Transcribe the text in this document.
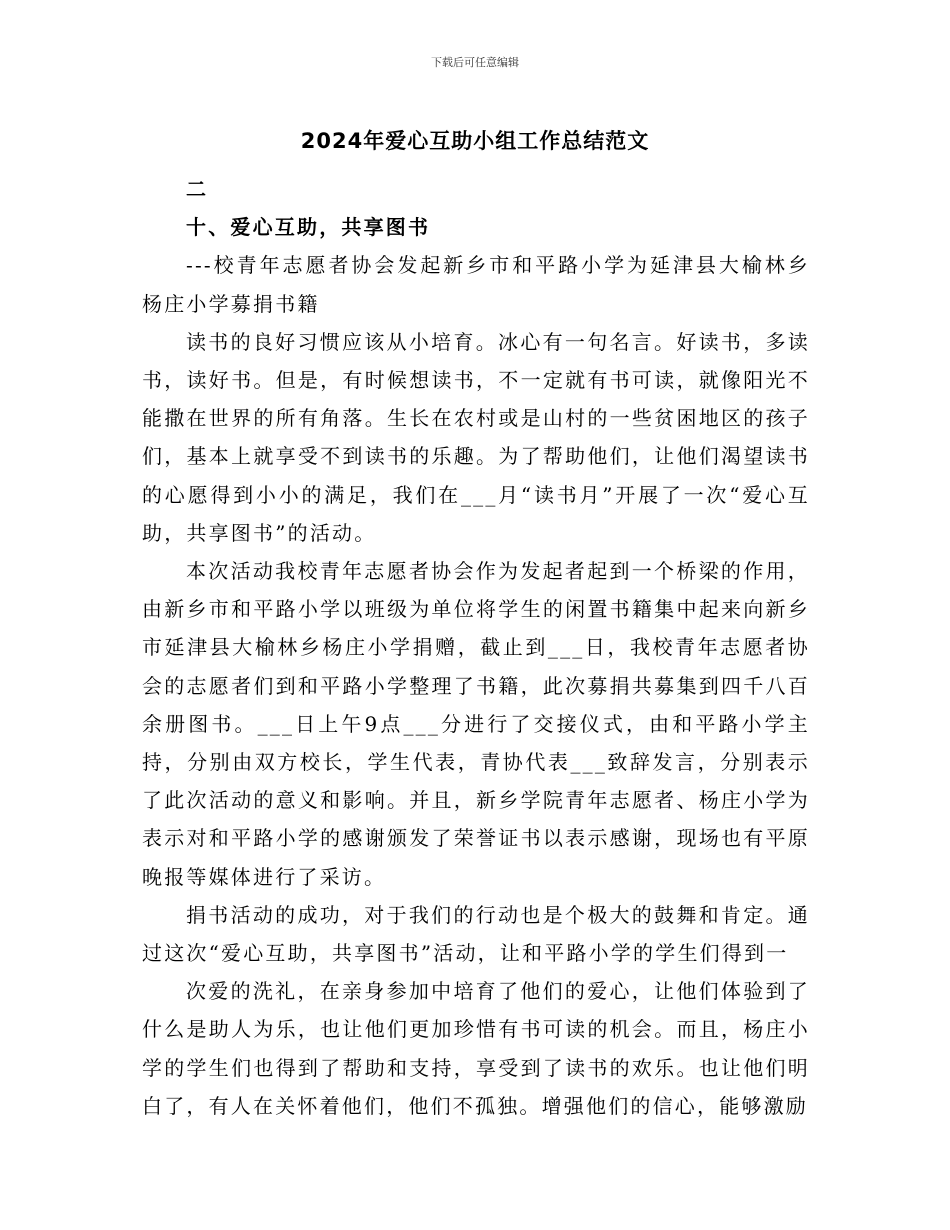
下载后可任意编辑
2024年爱心互助小组工作总结范文

二

十、爱心互助，共享图书

---校青年志愿者协会发起新乡市和平路小学为延津县大榆林乡杨庄小学募捐书籍

读书的良好习惯应该从小培育。冰心有一句名言。好读书，多读书，读好书。但是，有时候想读书，不一定就有书可读，就像阳光不能撒在世界的所有角落。生长在农村或是山村的一些贫困地区的孩子们，基本上就享受不到读书的乐趣。为了帮助他们，让他们渴望读书的心愿得到小小的满足，我们在___月“读书月”开展了一次“爱心互助，共享图书”的活动。

本次活动我校青年志愿者协会作为发起者起到一个桥梁的作用，由新乡市和平路小学以班级为单位将学生的闲置书籍集中起来向新乡市延津县大榆林乡杨庄小学捐赠，截止到___日，我校青年志愿者协会的志愿者们到和平路小学整理了书籍，此次募捐共募集到四千八百余册图书。___日上午9点___分进行了交接仪式，由和平路小学主持，分别由双方校长，学生代表，青协代表___致辞发言，分别表示了此次活动的意义和影响。并且，新乡学院青年志愿者、杨庄小学为表示对和平路小学的感谢颁发了荣誉证书以表示感谢，现场也有平原晚报等媒体进行了采访。

捐书活动的成功，对于我们的行动也是个极大的鼓舞和肯定。通过这次“爱心互助，共享图书”活动，让和平路小学的学生们得到一

次爱的洗礼，在亲身参加中培育了他们的爱心，让他们体验到了什么是助人为乐，也让他们更加珍惜有书可读的机会。而且，杨庄小学的学生们也得到了帮助和支持，享受到了读书的欢乐。也让他们明白了，有人在关怀着他们，他们不孤独。增强他们的信心，能够激励
